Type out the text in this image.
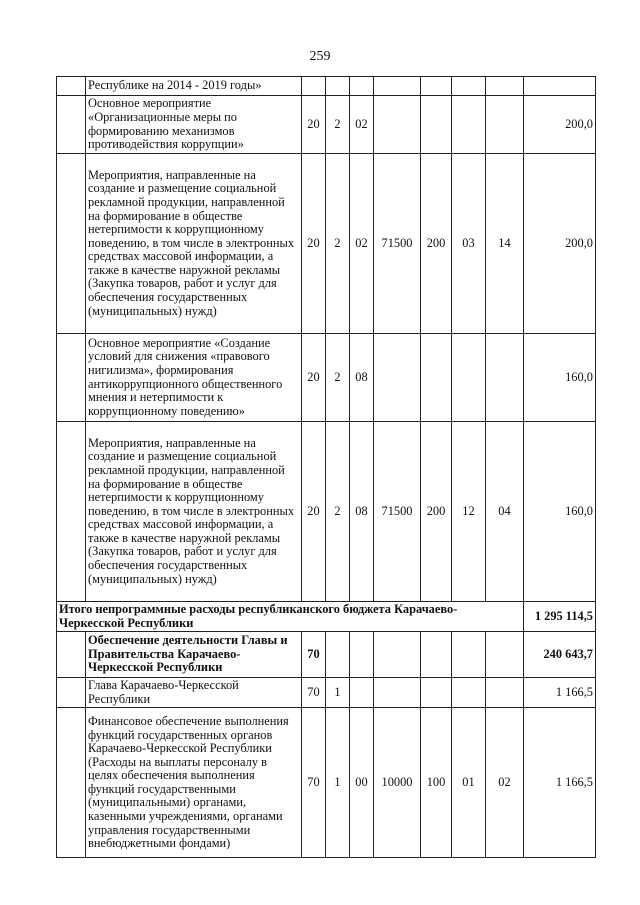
259
	Республике на 2014 - 2019 годы»								
	Основное мероприятие «Организационные меры по формированию механизмов противодействия коррупции»	20	2	02					200,0
	Мероприятия, направленные на создание и размещение социальной рекламной продукции, направленной на формирование в обществе нетерпимости к коррупционному поведению, в том числе в электронных средствах массовой информации, а также в качестве наружной рекламы (Закупка товаров, работ и услуг для обеспечения государственных (муниципальных) нужд)	20	2	02	71500	200	03	14	200,0
	Основное мероприятие «Создание условий для снижения «правового нигилизма», формирования антикоррупционного общественного мнения и нетерпимости к коррупционному поведению»	20	2	08					160,0
	Мероприятия, направленные на создание и размещение социальной рекламной продукции, направленной на формирование в обществе нетерпимости к коррупционному поведению, в том числе в электронных средствах массовой информации, а также в качестве наружной рекламы (Закупка товаров, работ и услуг для обеспечения государственных (муниципальных) нужд)	20	2	08	71500	200	12	04	160,0
Итого непрограммные расходы республиканского бюджета Карачаево-Черкесской Республики									1 295 114,5
	Обеспечение деятельности Главы и Правительства Карачаево-Черкесской Республики	70							240 643,7
	Глава Карачаево-Черкесской Республики	70	1						1 166,5
	Финансовое обеспечение выполнения функций государственных органов Карачаево-Черкесской Республики (Расходы на выплаты персоналу в целях обеспечения выполнения функций государственными (муниципальными) органами, казенными учреждениями, органами управления государственными внебюджетными фондами)	70	1	00	10000	100	01	02	1 166,5
